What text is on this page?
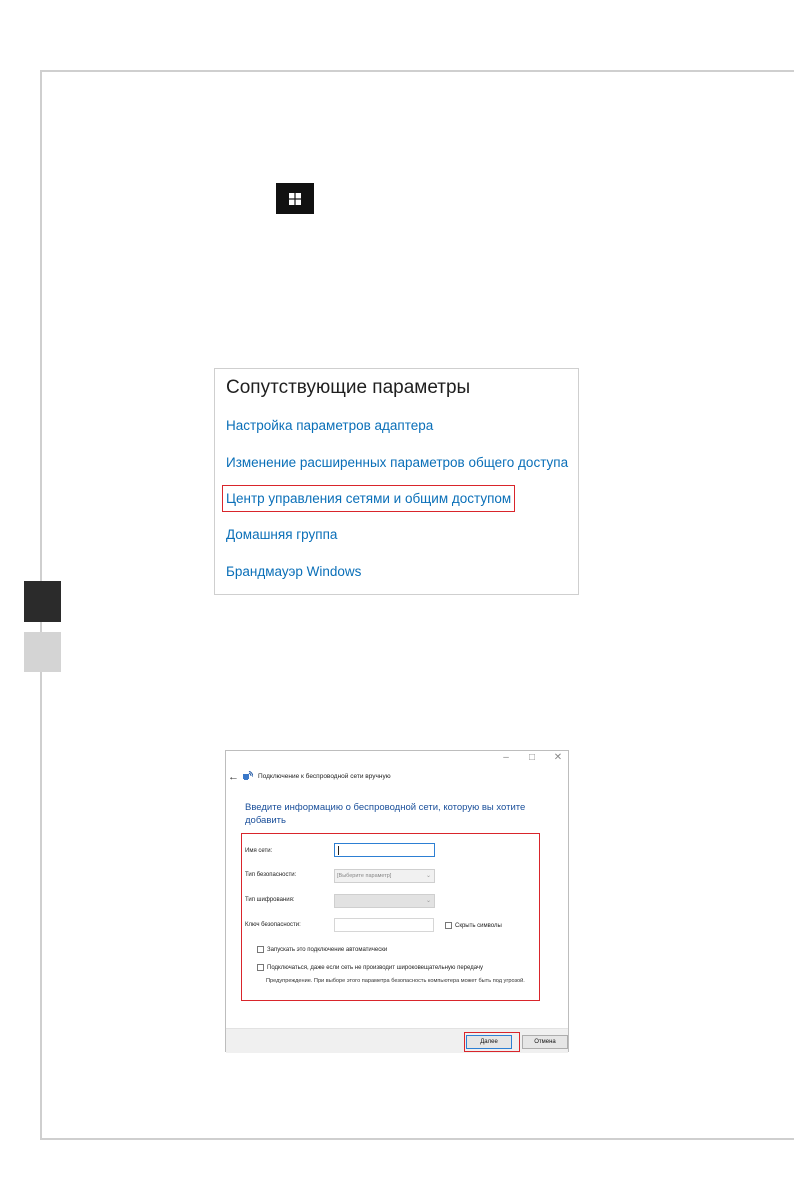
Сопутствующие параметры
Настройка параметров адаптера
Изменение расширенных параметров общего доступа
Центр управления сетями и общим доступом
Домашняя группа
Брандмауэр Windows
–	□ ✕
←	Подключение к беспроводной сети вручную
Введите информацию о беспроводной сети, которую вы хотите добавить
Имя сети:
Тип безопасности:	[Выберите параметр]	⌄
Тип шифрования:	⌄
Ключ безопасности:	Скрыть символы
Запускать это подключение автоматически
Подключаться, даже если сеть не производит широковещательную передачу
Предупреждение. При выборе этого параметра безопасность компьютера может быть под угрозой.
Далее	Отмена
